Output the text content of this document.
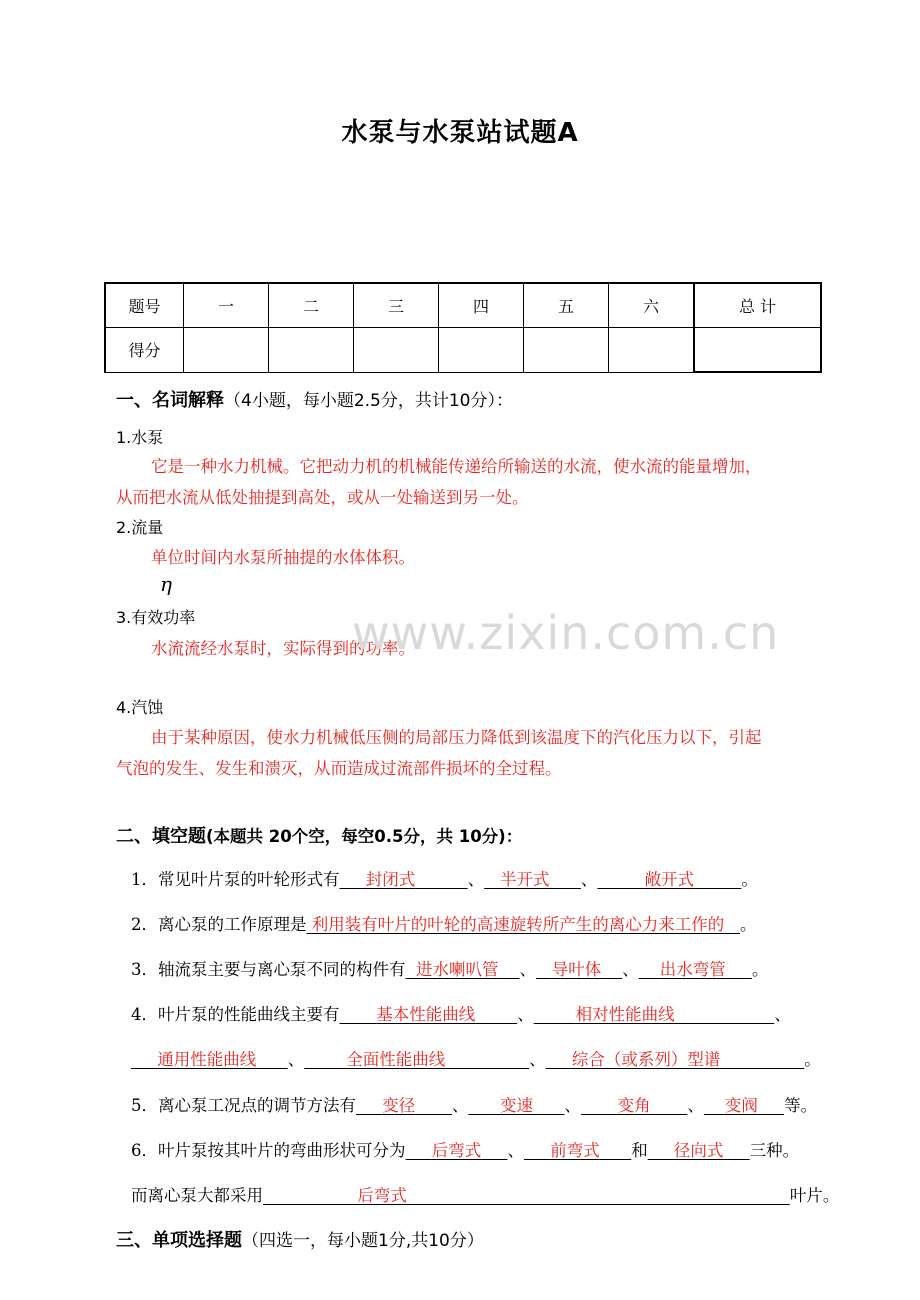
水泵与水泵站试题A
题号	一	二	三	四	五	六	总 计
得分							
一、名词解释（4小题，每小题2.5分，共计10分）：
1.水泵
它是一种水力机械。它把动力机的机械能传递给所输送的水流，使水流的能量增加，
从而把水流从低处抽提到高处，或从一处输送到另一处。
2.流量
单位时间内水泵所抽提的水体体积。
η
3.有效功率
水流流经水泵时，实际得到的功率。
4.汽蚀
由于某种原因，使水力机械低压侧的局部压力降低到该温度下的汽化压力以下，引起
气泡的发生、发生和溃灭，从而造成过流部件损坏的全过程。
www.zixin.com.cn
二、填空题(本题共 20个空，每空0.5分，共 10分)：
1．常见叶片泵的叶轮形式有 封闭式	、 半开式 、	敞开式	。
2．离心泵的工作原理是 利用装有叶片的叶轮的高速旋转所产生的离心力来工作的 。
3．轴流泵主要与离心泵不同的构件有 进水喇叭管 、 导叶体 、 出水弯管 。
4．叶片泵的性能曲线主要有 基本性能曲线	、	相对性能曲线	、
通用性能曲线 、	全面性能曲线	、 综合（或系列）型谱	。
5．离心泵工况点的调节方法有 变径 、 变速 、 变角 、 变阀 等。
6．叶片泵按其叶片的弯曲形状可分为 后弯式 、 前弯式 和 径向式 三种。
而离心泵大都采用	后弯式	叶片。
三、单项选择题（四选一，每小题1分,共10分）
